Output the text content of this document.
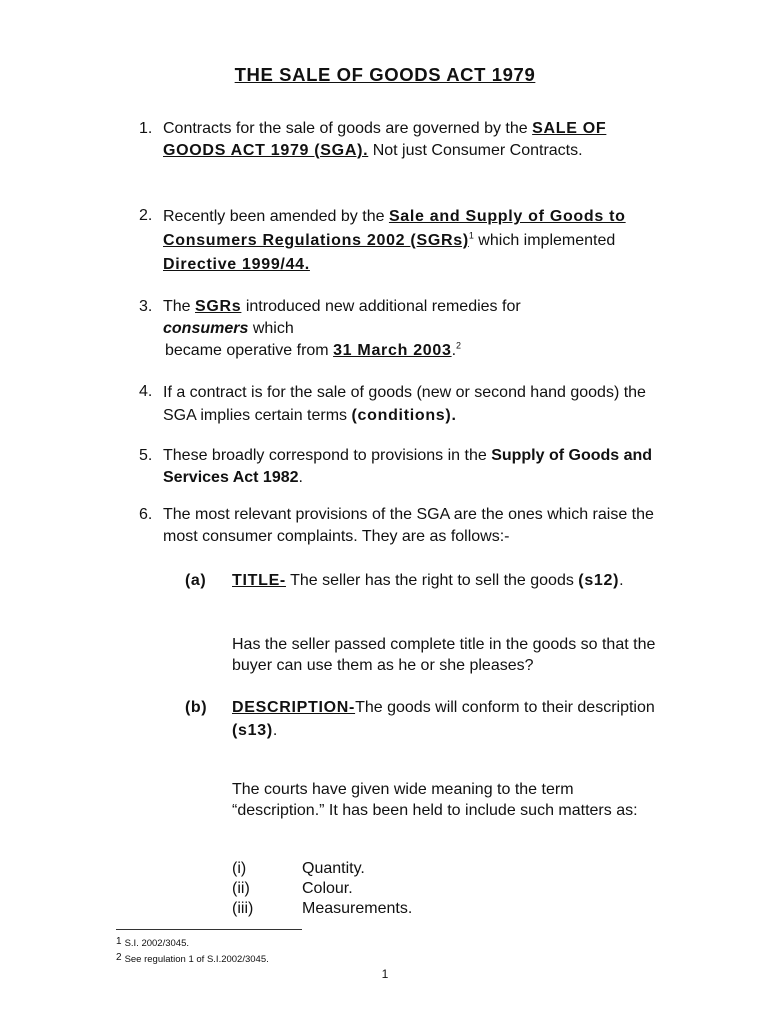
THE SALE OF GOODS ACT 1979
1. Contracts for the sale of goods are governed by the SALE OF GOODS ACT 1979 (SGA). Not just Consumer Contracts.
2. Recently been amended by the Sale and Supply of Goods to Consumers Regulations 2002 (SGRs)$^1$ which implemented Directive 1999/44.
3. The SGRs introduced new additional remedies for
consumers which
became operative from 31 March 2003.$^2$
4. If a contract is for the sale of goods (new or second hand goods) the SGA implies certain terms (conditions).
5. These broadly correspond to provisions in the Supply of Goods and Services Act 1982.
6. The most relevant provisions of the SGA are the ones which raise the most consumer complaints. They are as follows:-
(a) TITLE- The seller has the right to sell the goods (s12).
Has the seller passed complete title in the goods so that the buyer can use them as he or she pleases?
(b) DESCRIPTION-The goods will conform to their description (s13).
The courts have given wide meaning to the term “description.” It has been held to include such matters as:
(i)	Quantity.
(ii)	Colour.
(iii)	Measurements.
1 S.I. 2002/3045.
2 See regulation 1 of S.I.2002/3045.
1
